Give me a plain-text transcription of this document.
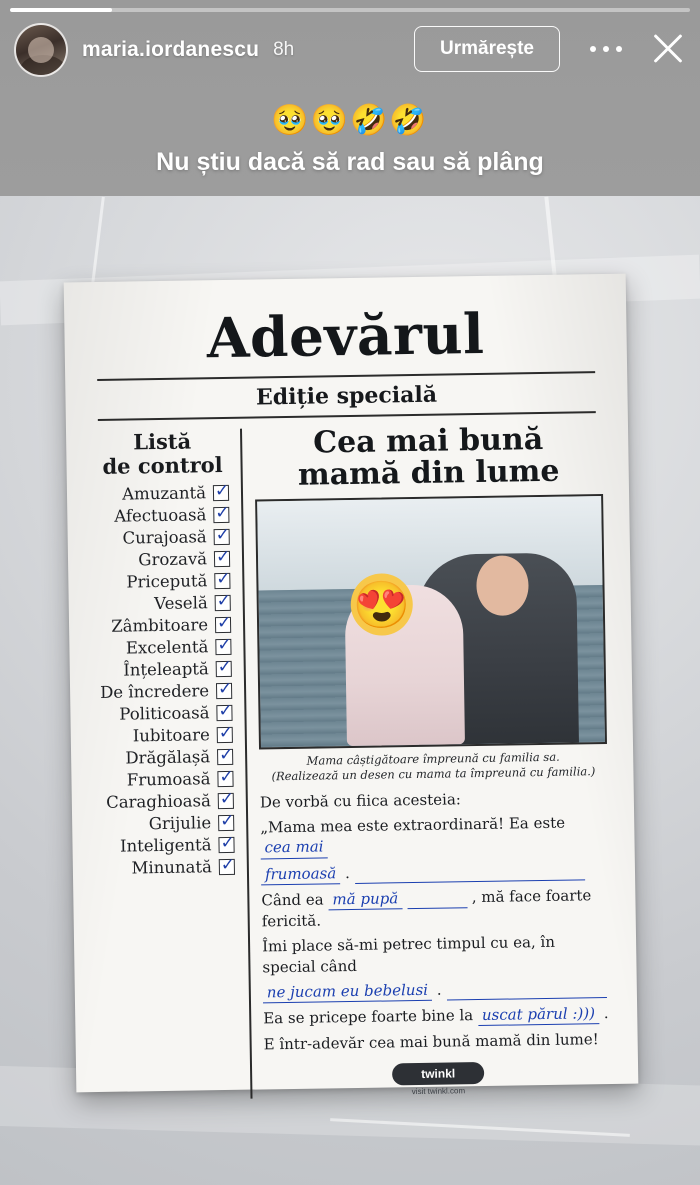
Adevărul
Ediție specială
Listă
de control
Amuzantă
✓
Afectuoasă
✓
Curajoasă
✓
Grozavă
✓
Pricepută
✓
Veselă
✓
Zâmbitoare
✓
Excelentă
✓
Înțeleaptă
✓
De încredere
✓
Politicoasă
✓
Iubitoare
✓
Drăgălașă
✓
Frumoasă
✓
Caraghioasă
✓
Grijulie
✓
Inteligentă
✓
Minunată
✓
Cea mai bună
mamă din lume
😍
Mama câștigătoare împreună cu familia sa.
(Realizează un desen cu mama ta împreună cu familia.)

De vorbă cu fiica acesteia:

„Mama mea este extraordinară! Ea este cea mai

frumoasă .

Când ea mă pupă	, mă face foarte fericită.

Îmi place să-mi petrec timpul cu ea, în special când

ne jucam eu bebelusi .

Ea se pricepe foarte bine la uscat părul :))) .

E într-adevăr cea mai bună mamă din lume!

twinkl
visit twinkl.com
maria.iordanescu 8h	Urmărește
🥹🥹🤣🤣
Nu știu dacă să rad sau să plâng
